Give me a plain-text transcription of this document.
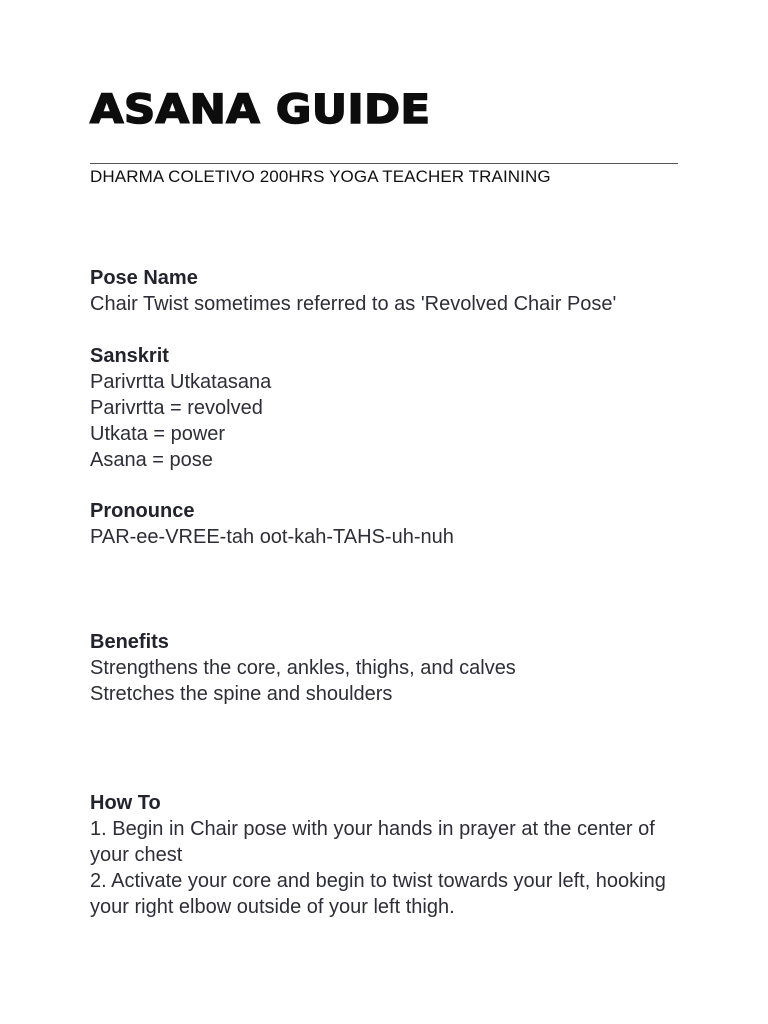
ASANA GUIDE
DHARMA COLETIVO 200HRS YOGA TEACHER TRAINING
Pose Name
Chair Twist sometimes referred to as 'Revolved Chair Pose'
Sanskrit
Parivrtta Utkatasana
Parivrtta = revolved
Utkata = power
Asana = pose
Pronounce
PAR-ee-VREE-tah oot-kah-TAHS-uh-nuh
Benefits
Strengthens the core, ankles, thighs, and calves
Stretches the spine and shoulders
How To
1. Begin in Chair pose with your hands in prayer at the center of your chest
2. Activate your core and begin to twist towards your left, hooking your right elbow outside of your left thigh.
